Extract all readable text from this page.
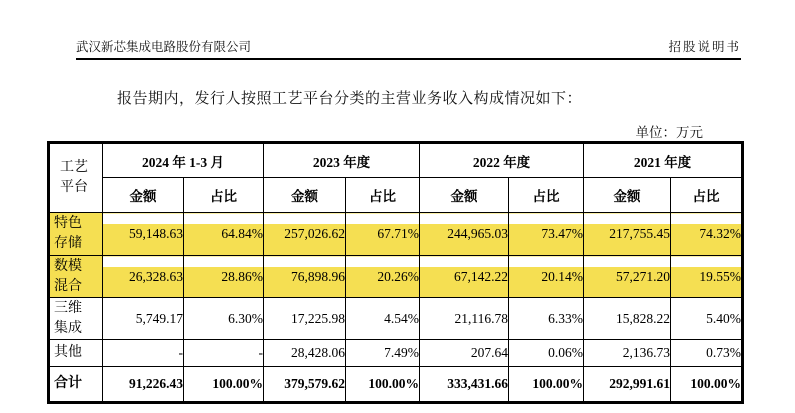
武汉新芯集成电路股份有限公司	招股说明书
报告期内，发行人按照工艺平台分类的主营业务收入构成情况如下：
单位：万元
工艺平台	2024 年 1-3 月		2023 年度		2022 年度		2021 年度	
	金额	占比	金额	占比	金额	占比	金额	占比

特色存储	59,148.63	64.84%	257,026.62	67.71%	244,965.03	73.47%	217,755.45	74.32%

数模混合	26,328.63	28.86%	76,898.96	20.26%	67,142.22	20.14%	57,271.20	19.55%

三维集成	5,749.17	6.30%	17,225.98	4.54%	21,116.78	6.33%	15,828.22	5.40%

其他	-	-	28,428.06	7.49%	207.64	0.06%	2,136.73	0.73%

合计	91,226.43	100.00%	379,579.62	100.00%	333,431.66	100.00%	292,991.61	100.00%
